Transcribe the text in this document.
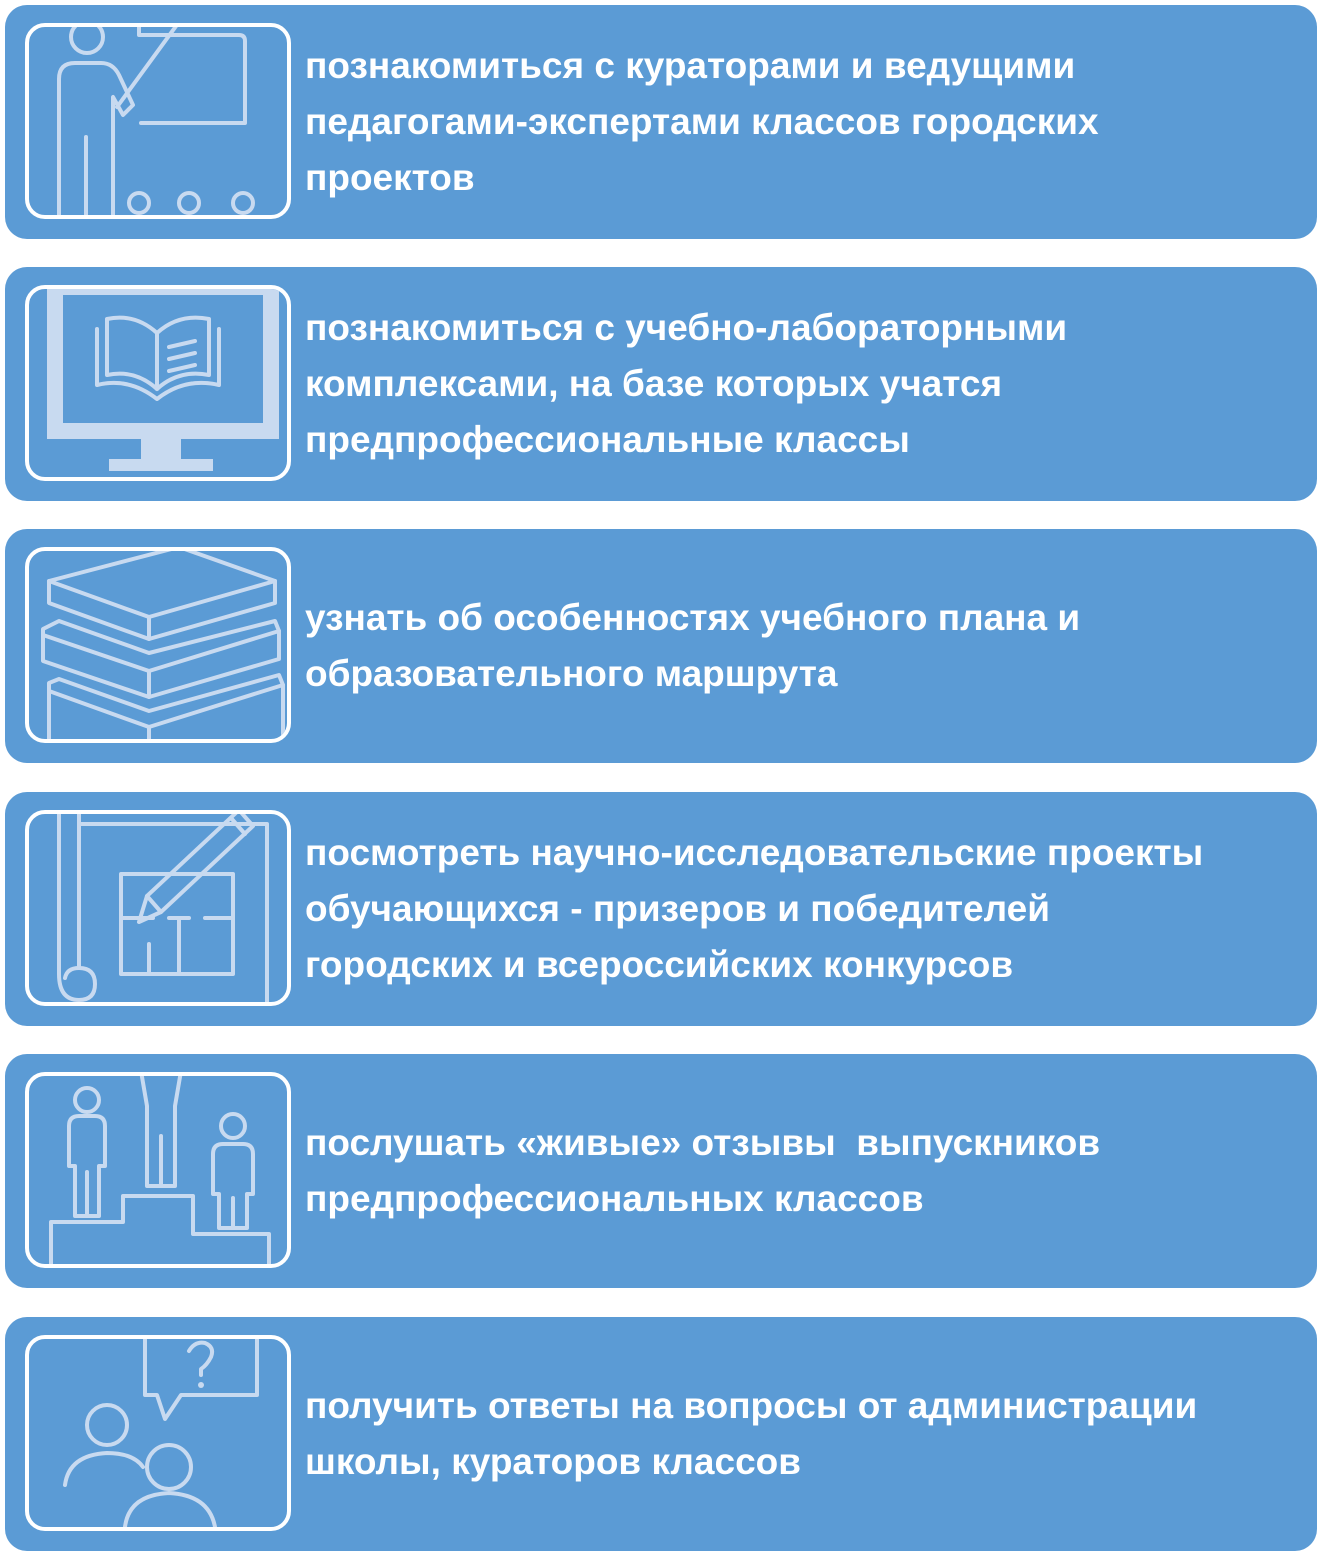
познакомиться с кураторами и ведущими
педагогами-экспертами классов городских
проектов
познакомиться с учебно-лабораторными
комплексами, на базе которых учатся
предпрофессиональные классы
узнать об особенностях учебного плана и
образовательного маршрута
посмотреть научно-исследовательские проекты
обучающихся - призеров и победителей
городских и всероссийских конкурсов
послушать «живые» отзывы  выпускников
предпрофессиональных классов
получить ответы на вопросы от администрации
школы, кураторов классов
